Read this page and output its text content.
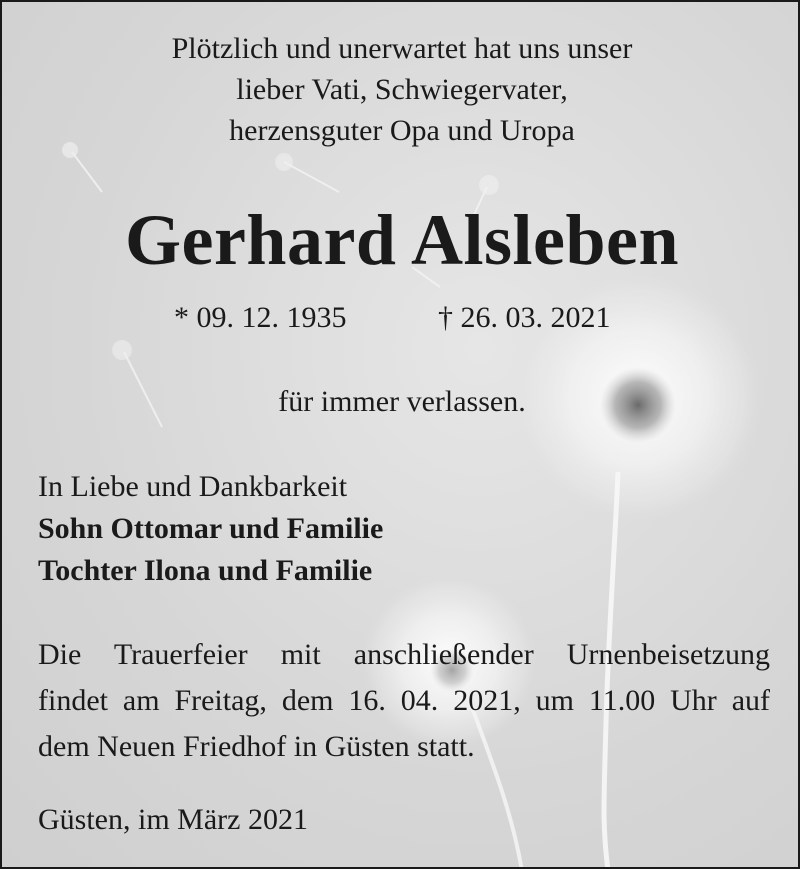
Plötzlich und unerwartet hat uns unser
lieber Vati, Schwiegervater,
herzensguter Opa und Uropa
Gerhard Alsleben
* 09. 12. 1935	† 26. 03. 2021
für immer verlassen.
In Liebe und Dankbarkeit
Sohn Ottomar und Familie
Tochter Ilona und Familie
Die Trauerfeier mit anschließender Urnenbeisetzung
findet am Freitag, dem 16. 04. 2021, um 11.00 Uhr auf
dem Neuen Friedhof in Güsten statt.
Güsten, im März 2021
